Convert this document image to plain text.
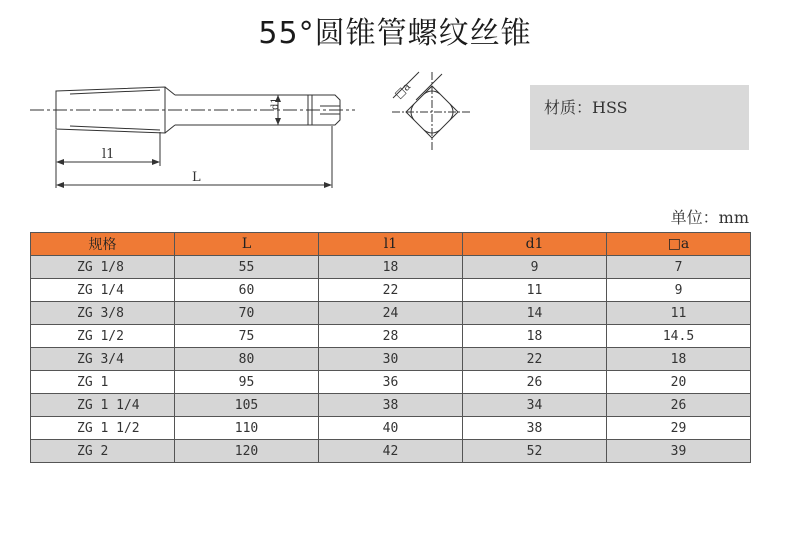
55°圆锥管螺纹丝锥
l1
L
d1
□a
材质：HSS
单位：mm
规格	L	l1	d1	□a
ZG 1/8	55	18	9	7
ZG 1/4	60	22	11	9
ZG 3/8	70	24	14	11
ZG 1/2	75	28	18	14.5
ZG 3/4	80	30	22	18
ZG 1	95	36	26	20
ZG 1 1/4	105	38	34	26
ZG 1 1/2	110	40	38	29
ZG 2	120	42	52	39
